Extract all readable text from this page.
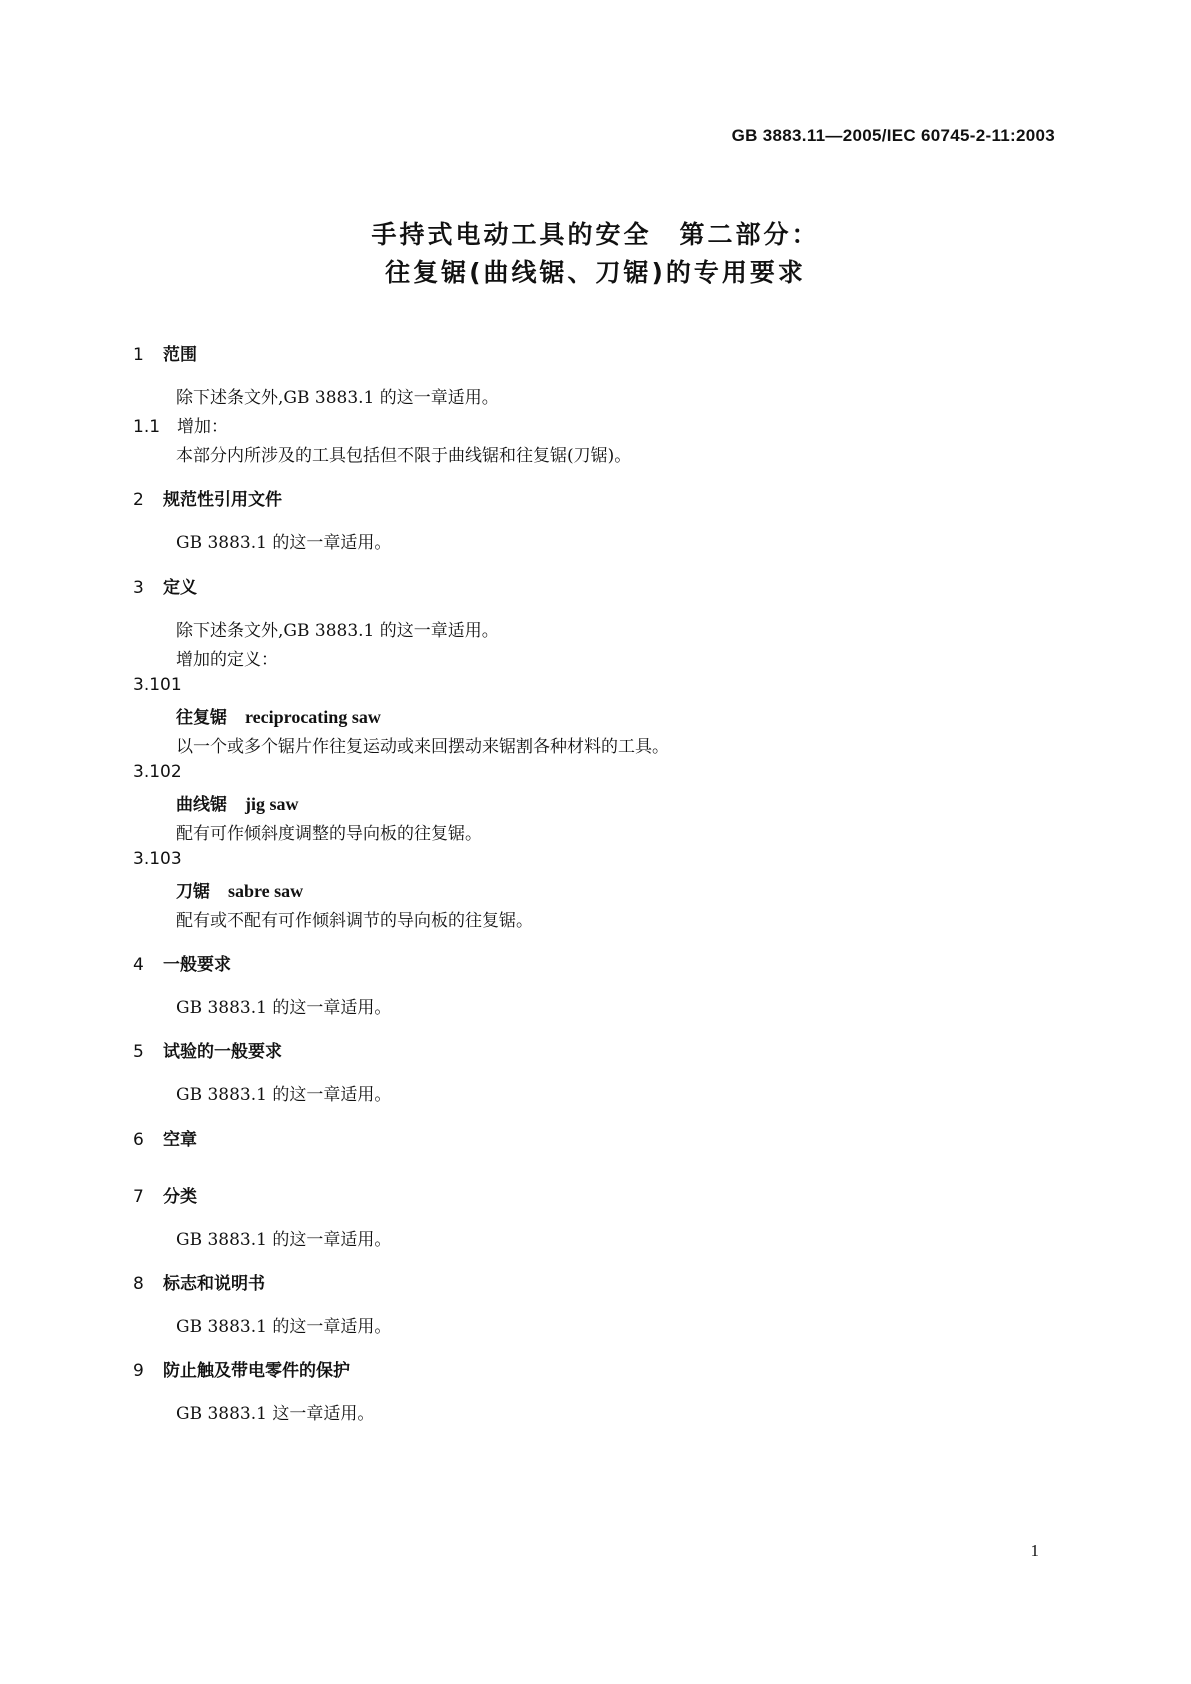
GB 3883.11—2005/IEC 60745-2-11:2003
手持式电动工具的安全　第二部分：
往复锯(曲线锯、刀锯)的专用要求
1 范围
除下述条文外,GB 3883.1 的这一章适用。
1.1　增加：
本部分内所涉及的工具包括但不限于曲线锯和往复锯(刀锯)。
2 规范性引用文件
GB 3883.1 的这一章适用。
3 定义
除下述条文外,GB 3883.1 的这一章适用。
增加的定义：
3.101
往复锯 reciprocating saw
以一个或多个锯片作往复运动或来回摆动来锯割各种材料的工具。
3.102
曲线锯 jig saw
配有可作倾斜度调整的导向板的往复锯。
3.103
刀锯 sabre saw
配有或不配有可作倾斜调节的导向板的往复锯。
4 一般要求
GB 3883.1 的这一章适用。
5 试验的一般要求
GB 3883.1 的这一章适用。
6 空章
7 分类
GB 3883.1 的这一章适用。
8 标志和说明书
GB 3883.1 的这一章适用。
9 防止触及带电零件的保护
GB 3883.1 这一章适用。
1
